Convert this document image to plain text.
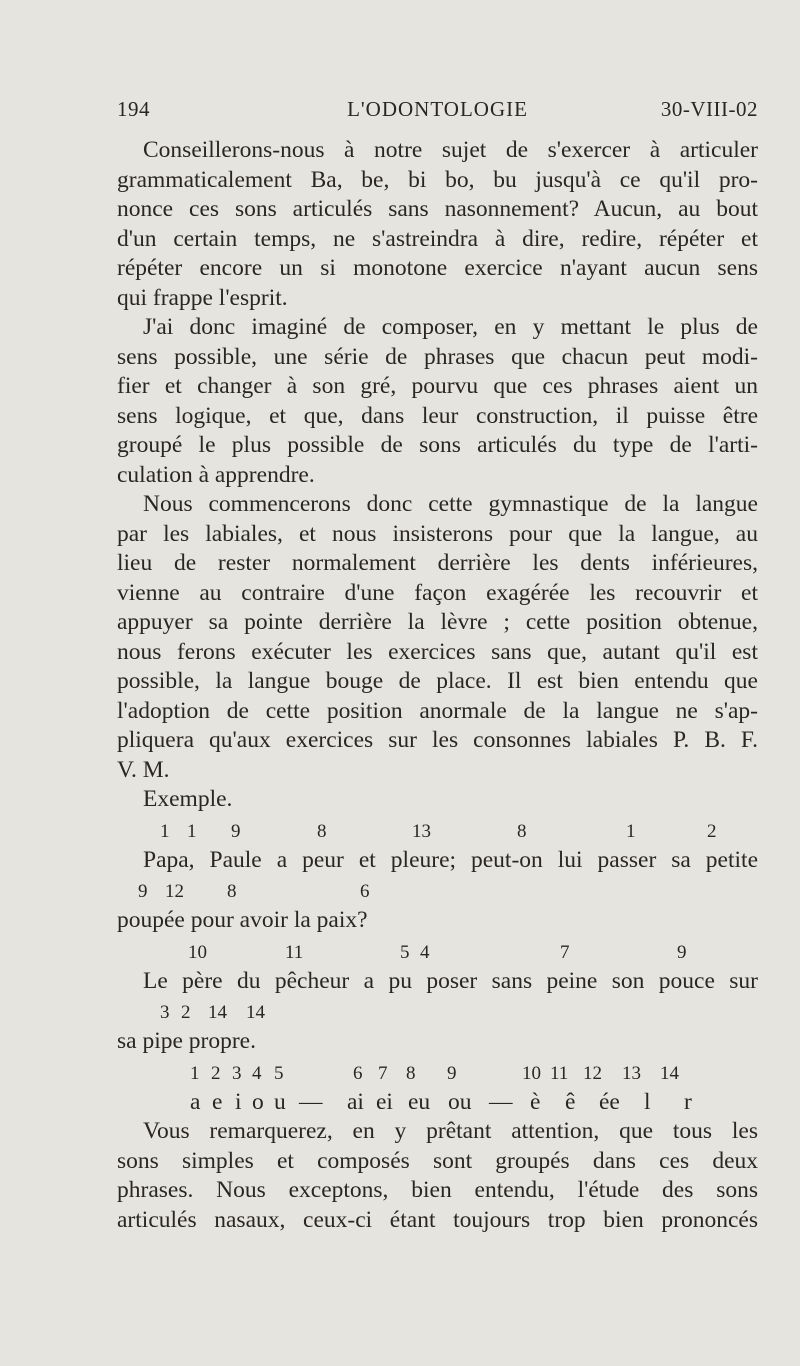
194	L'ODONTOLOGIE	30-VIII-02
Conseillerons-nous à notre sujet de s'exercer à articuler
grammaticalement Ba, be, bi bo, bu jusqu'à ce qu'il pro-
nonce ces sons articulés sans nasonnement? Aucun, au bout
d'un certain temps, ne s'astreindra à dire, redire, répéter et
répéter encore un si monotone exercice n'ayant aucun sens
qui frappe l'esprit.
J'ai donc imaginé de composer, en y mettant le plus de
sens possible, une série de phrases que chacun peut modi-
fier et changer à son gré, pourvu que ces phrases aient un
sens logique, et que, dans leur construction, il puisse être
groupé le plus possible de sons articulés du type de l'arti-
culation à apprendre.
Nous commencerons donc cette gymnastique de la langue
par les labiales, et nous insisterons pour que la langue, au
lieu de rester normalement derrière les dents inférieures,
vienne au contraire d'une façon exagérée les recouvrir et
appuyer sa pointe derrière la lèvre ; cette position obtenue,
nous ferons exécuter les exercices sans que, autant qu'il est
possible, la langue bouge de place. Il est bien entendu que
l'adoption de cette position anormale de la langue ne s'ap-
pliquera qu'aux exercices sur les consonnes labiales P. B. F.
V. M.
Exemple.
1 1 9	8	13	8	1	2
Papa, Paule a peur et pleure; peut-on lui passer sa petite
9 12 8	6
poupée pour avoir la paix?
10	11	5 4	7	9
Le père du pêcheur a pu poser sans peine son pouce sur
3 2 14 14
sa pipe propre.
1 2 3 4 5	6 7 8 9	10 11 12 13 14
a e i o u — ai ei eu ou — è ê ée l r
Vous remarquerez, en y prêtant attention, que tous les
sons simples et composés sont groupés dans ces deux
phrases. Nous exceptons, bien entendu, l'étude des sons
articulés nasaux, ceux-ci étant toujours trop bien prononcés
